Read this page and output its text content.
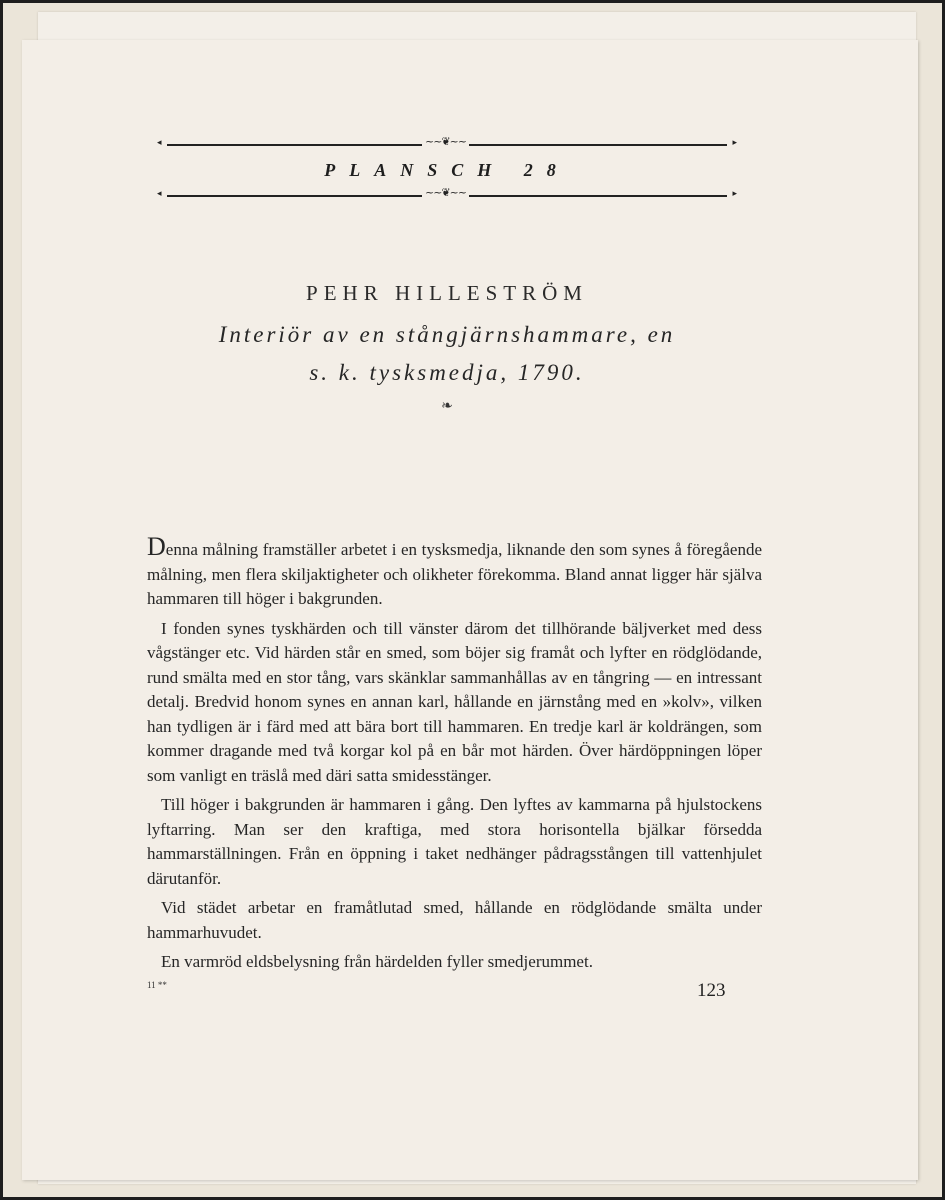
◂	~~❦~~	▸
PLANSCH 28
◂	~~❦~~	▸
PEHR HILLESTRÖM
Interiör av en stångjärnshammare, en
s. k. tysksmedja, 1790.
❧

Denna målning framställer arbetet i en tysksmedja, liknande den som synes å föregående målning, men flera skiljaktigheter och olikheter förekomma. Bland annat ligger här själva hammaren till höger i bakgrunden.

I fonden synes tyskhärden och till vänster därom det tillhörande bäljverket med dess vågstänger etc. Vid härden står en smed, som böjer sig framåt och lyfter en rödglödande, rund smälta med en stor tång, vars skänklar sammanhållas av en tångring — en intressant detalj. Bredvid honom synes en annan karl, hållande en järnstång med en »kolv», vilken han tydligen är i färd med att bära bort till hammaren. En tredje karl är koldrängen, som kommer dragande med två korgar kol på en bår mot härden. Över härdöppningen löper som vanligt en träslå med däri satta smidesstänger.

Till höger i bakgrunden är hammaren i gång. Den lyftes av kammarna på hjulstockens lyftarring. Man ser den kraftiga, med stora horisontella bjälkar försedda hammarställningen. Från en öppning i taket nedhänger pådragsstången till vattenhjulet därutanför.

Vid städet arbetar en framåtlutad smed, hållande en rödglödande smälta under hammarhuvudet.

En varmröd eldsbelysning från härdelden fyller smedjerummet.

11 **	123
